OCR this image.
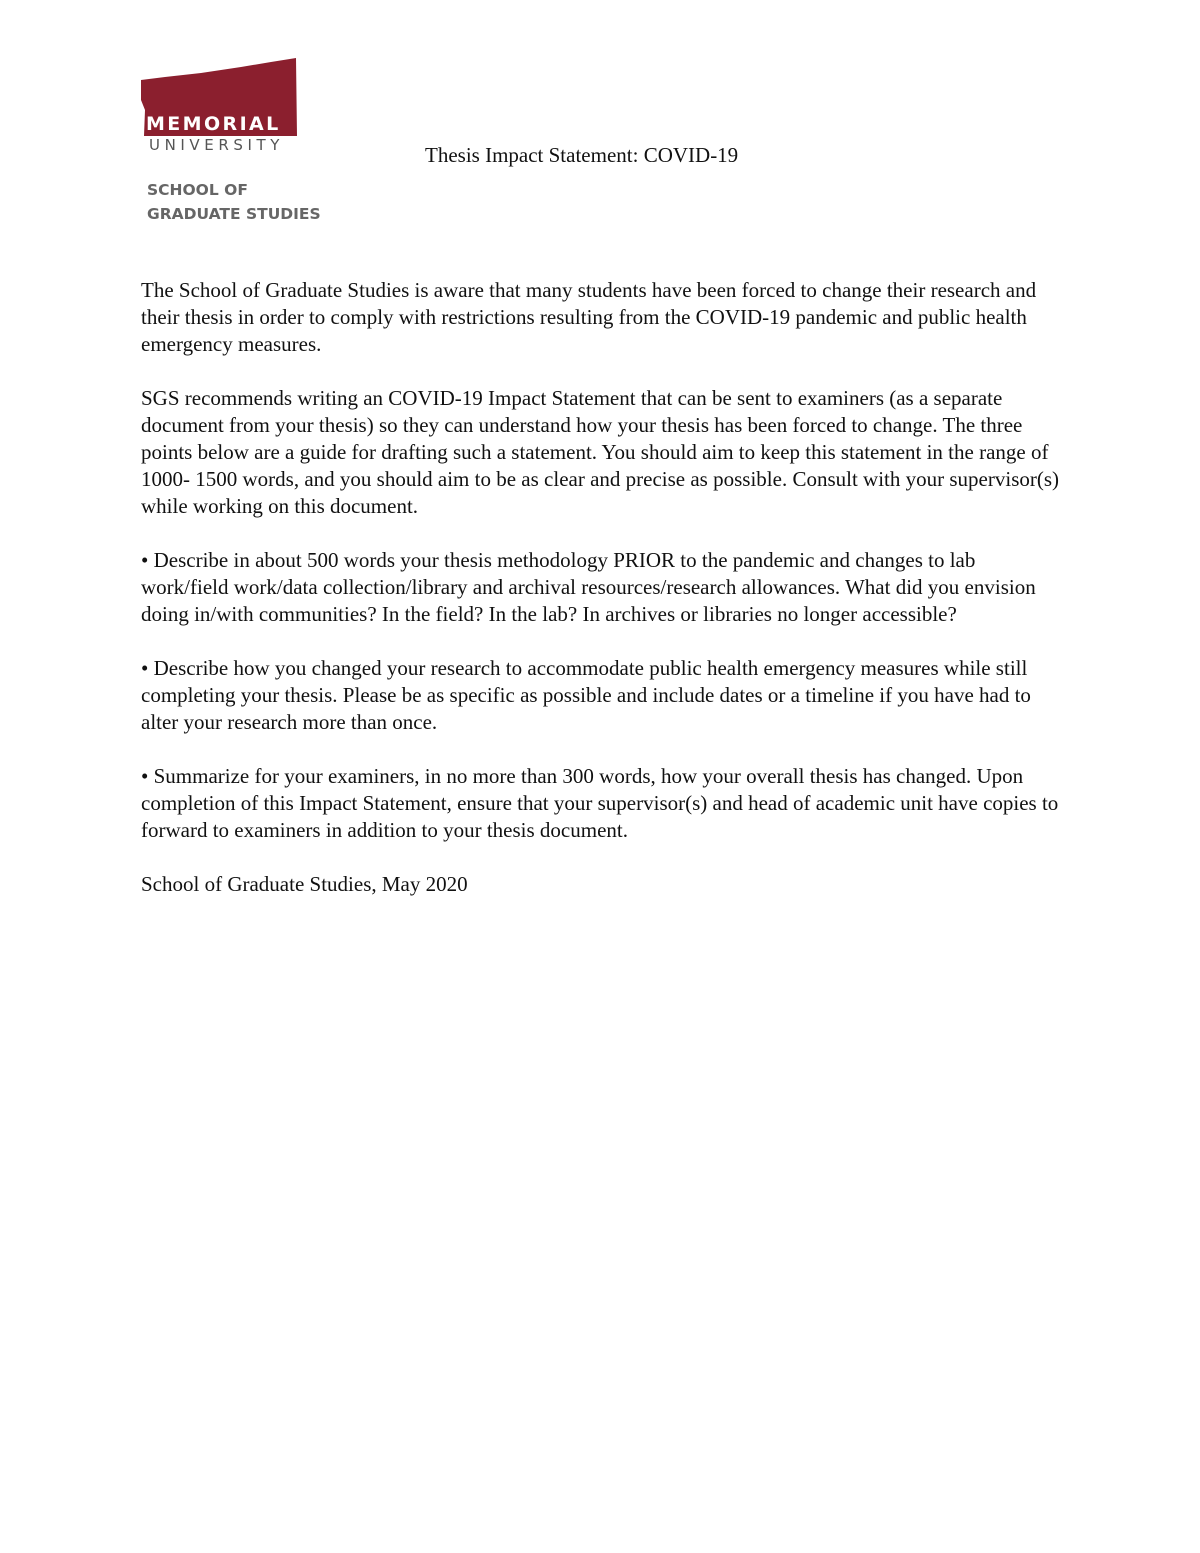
MEMORIAL
UNIVERSITY
SCHOOL OF
GRADUATE STUDIES
Thesis Impact Statement: COVID-19

The School of Graduate Studies is aware that many students have been forced to change their research and their thesis in order to comply with restrictions resulting from the COVID-19 pandemic and public health emergency measures.

SGS recommends writing an COVID-19 Impact Statement that can be sent to examiners (as a separate document from your thesis) so they can understand how your thesis has been forced to change. The three points below are a guide for drafting such a statement. You should aim to keep this statement in the range of 1000- 1500 words, and you should aim to be as clear and precise as possible. Consult with your supervisor(s) while working on this document.

• Describe in about 500 words your thesis methodology PRIOR to the pandemic and changes to lab work/field work/data collection/library and archival resources/research allowances. What did you envision doing in/with communities? In the field? In the lab? In archives or libraries no longer accessible?

• Describe how you changed your research to accommodate public health emergency measures while still completing your thesis. Please be as specific as possible and include dates or a timeline if you have had to alter your research more than once.

• Summarize for your examiners, in no more than 300 words, how your overall thesis has changed. Upon completion of this Impact Statement, ensure that your supervisor(s) and head of academic unit have copies to forward to examiners in addition to your thesis document.

School of Graduate Studies, May 2020
